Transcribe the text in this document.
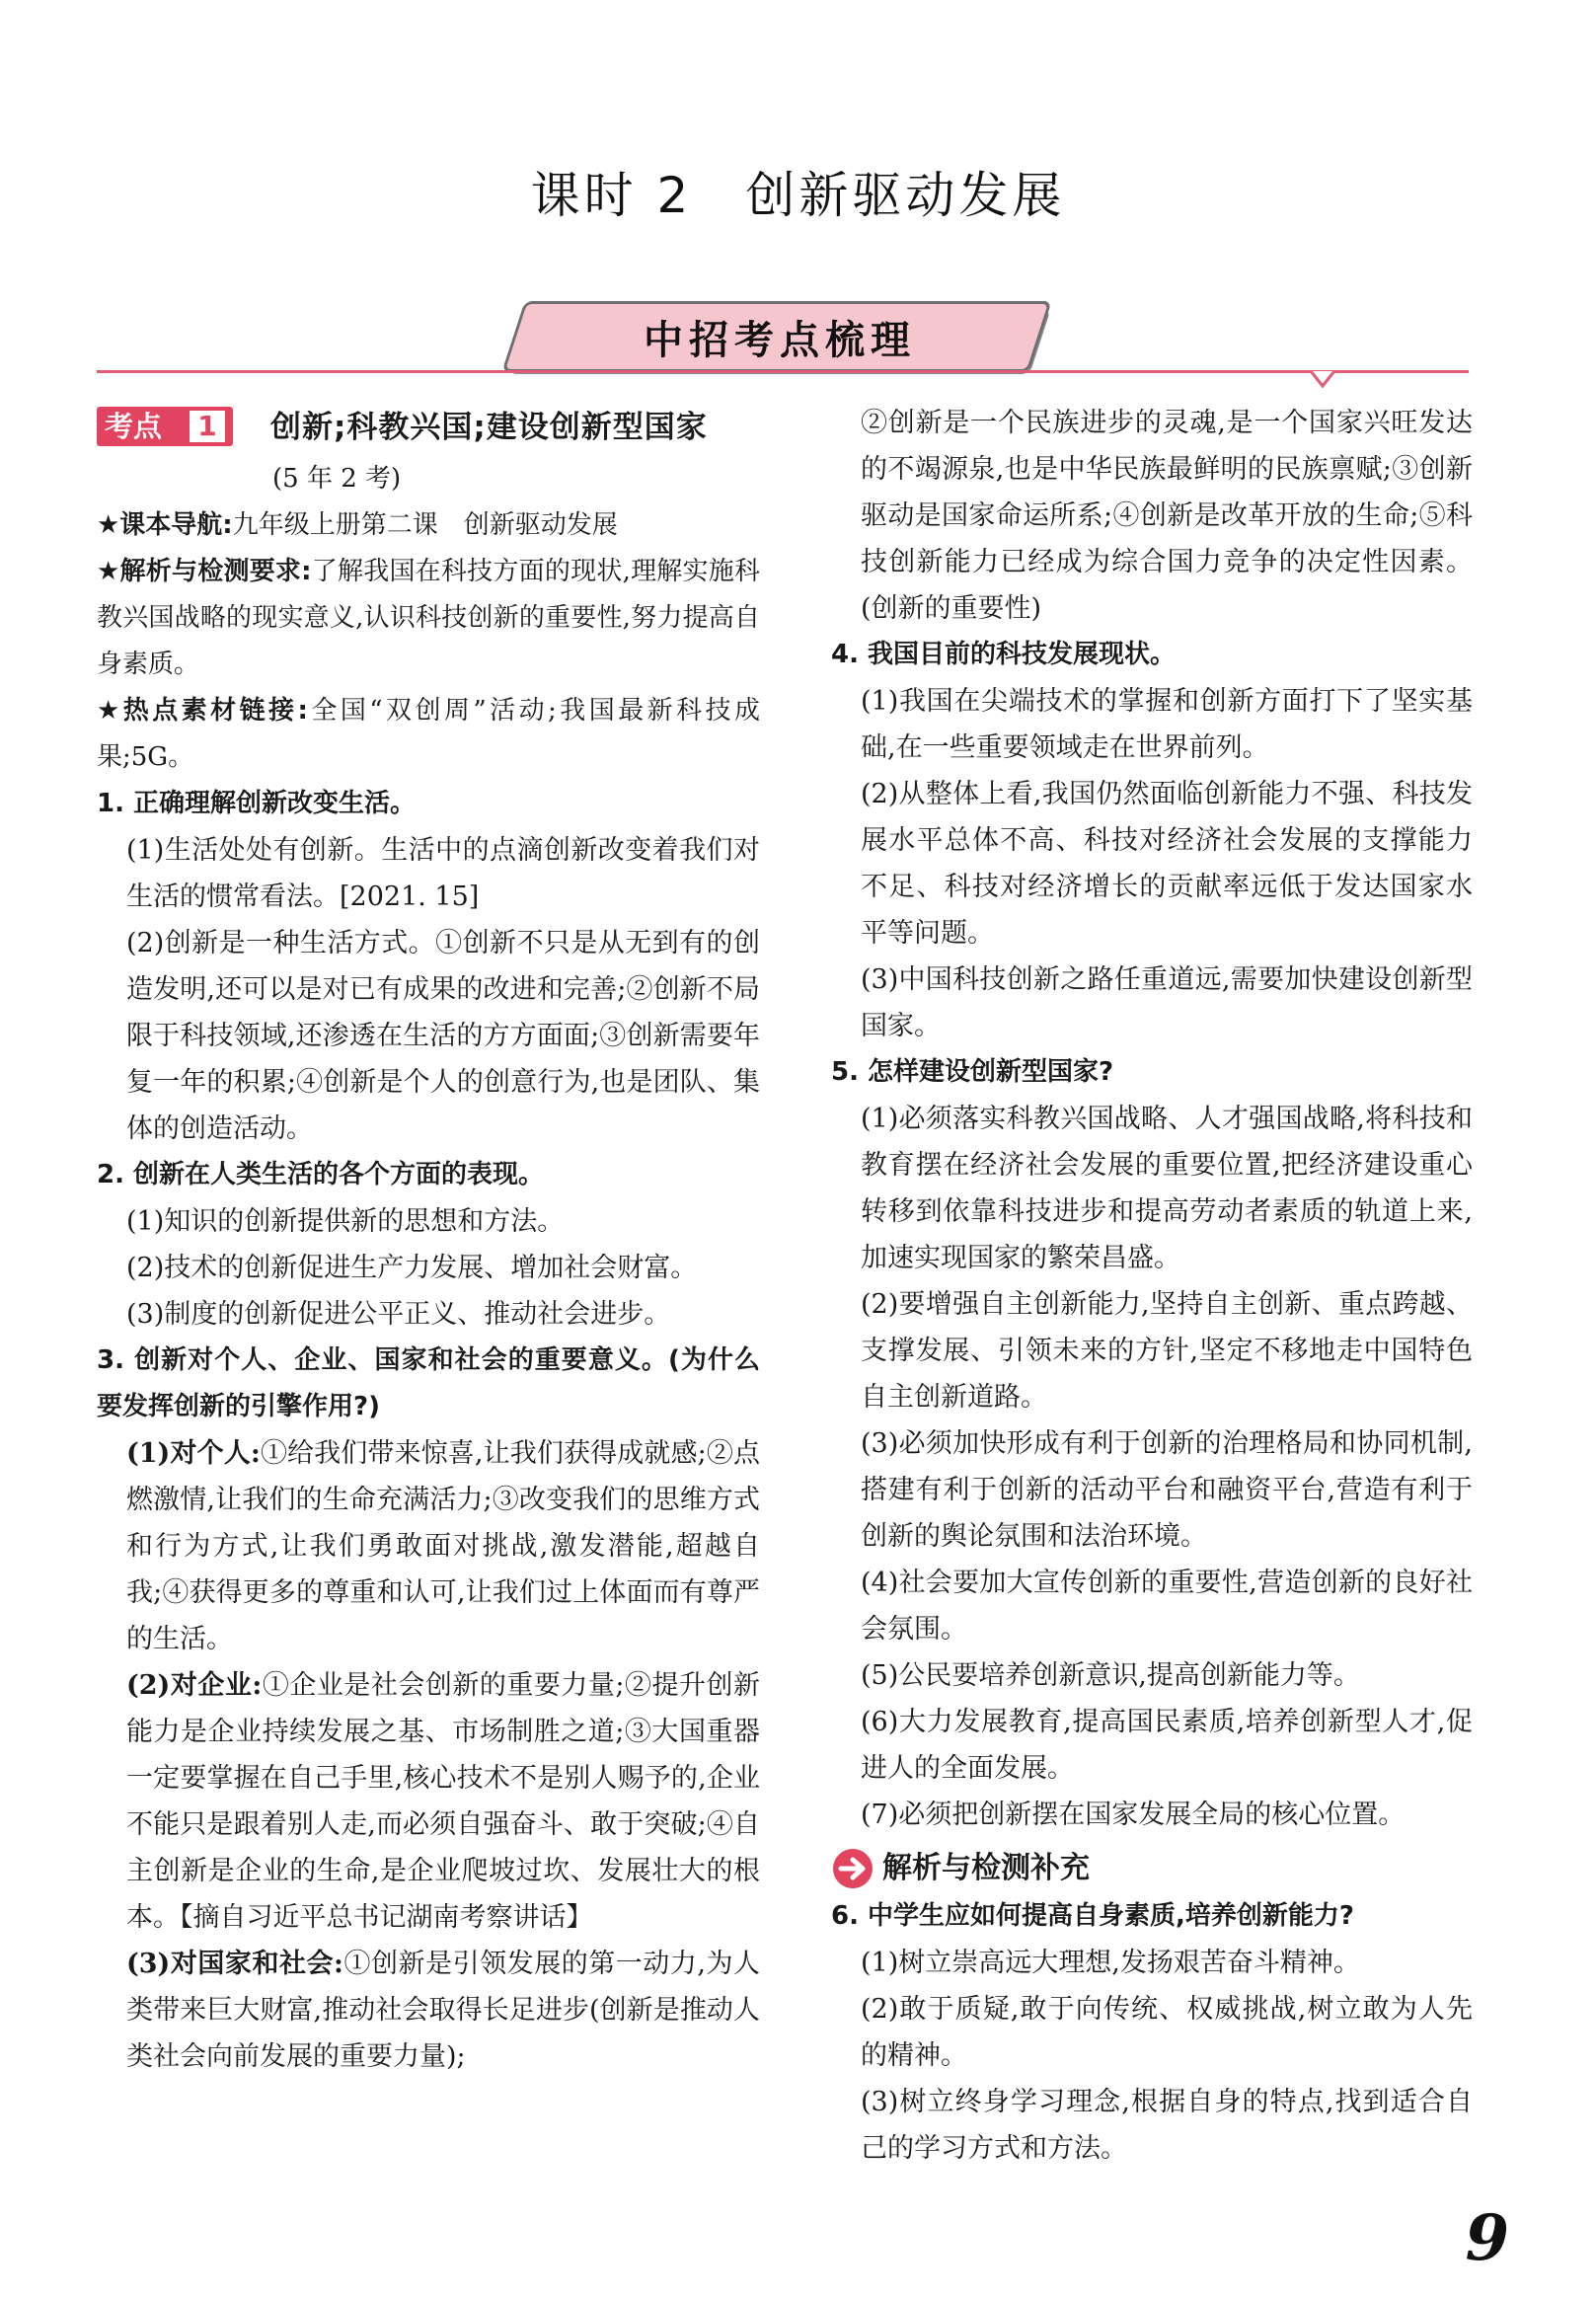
课时 2　创新驱动发展
中招考点梳理
考点 1 创新;科教兴国;建设创新型国家

(5 年 2 考)

★课本导航:九年级上册第二课　创新驱动发展

★解析与检测要求:了解我国在科技方面的现状,理解实施科教兴国战略的现实意义,认识科技创新的重要性,努力提高自身素质。

★热点素材链接:全国“双创周”活动;我国最新科技成果;5G。

1. 正确理解创新改变生活。

(1)生活处处有创新。生活中的点滴创新改变着我们对生活的惯常看法。[2021. 15]

(2)创新是一种生活方式。①创新不只是从无到有的创造发明,还可以是对已有成果的改进和完善;②创新不局限于科技领域,还渗透在生活的方方面面;③创新需要年复一年的积累;④创新是个人的创意行为,也是团队、集体的创造活动。

2. 创新在人类生活的各个方面的表现。

(1)知识的创新提供新的思想和方法。

(2)技术的创新促进生产力发展、增加社会财富。

(3)制度的创新促进公平正义、推动社会进步。

3. 创新对个人、企业、国家和社会的重要意义。(为什么要发挥创新的引擎作用?)

(1)对个人:①给我们带来惊喜,让我们获得成就感;②点燃激情,让我们的生命充满活力;③改变我们的思维方式和行为方式,让我们勇敢面对挑战,激发潜能,超越自我;④获得更多的尊重和认可,让我们过上体面而有尊严的生活。

(2)对企业:①企业是社会创新的重要力量;②提升创新能力是企业持续发展之基、市场制胜之道;③大国重器一定要掌握在自己手里,核心技术不是别人赐予的,企业不能只是跟着别人走,而必须自强奋斗、敢于突破;④自主创新是企业的生命,是企业爬坡过坎、发展壮大的根本。【摘自习近平总书记湖南考察讲话】

(3)对国家和社会:①创新是引领发展的第一动力,为人类带来巨大财富,推动社会取得长足进步(创新是推动人类社会向前发展的重要力量);

②创新是一个民族进步的灵魂,是一个国家兴旺发达的不竭源泉,也是中华民族最鲜明的民族禀赋;③创新驱动是国家命运所系;④创新是改革开放的生命;⑤科技创新能力已经成为综合国力竞争的决定性因素。(创新的重要性)

4. 我国目前的科技发展现状。

(1)我国在尖端技术的掌握和创新方面打下了坚实基础,在一些重要领域走在世界前列。

(2)从整体上看,我国仍然面临创新能力不强、科技发展水平总体不高、科技对经济社会发展的支撑能力不足、科技对经济增长的贡献率远低于发达国家水平等问题。

(3)中国科技创新之路任重道远,需要加快建设创新型国家。

5. 怎样建设创新型国家?

(1)必须落实科教兴国战略、人才强国战略,将科技和教育摆在经济社会发展的重要位置,把经济建设重心转移到依靠科技进步和提高劳动者素质的轨道上来,加速实现国家的繁荣昌盛。

(2)要增强自主创新能力,坚持自主创新、重点跨越、支撑发展、引领未来的方针,坚定不移地走中国特色自主创新道路。

(3)必须加快形成有利于创新的治理格局和协同机制,搭建有利于创新的活动平台和融资平台,营造有利于创新的舆论氛围和法治环境。

(4)社会要加大宣传创新的重要性,营造创新的良好社会氛围。

(5)公民要培养创新意识,提高创新能力等。

(6)大力发展教育,提高国民素质,培养创新型人才,促进人的全面发展。

(7)必须把创新摆在国家发展全局的核心位置。

解析与检测补充

6. 中学生应如何提高自身素质,培养创新能力?

(1)树立崇高远大理想,发扬艰苦奋斗精神。

(2)敢于质疑,敢于向传统、权威挑战,树立敢为人先的精神。

(3)树立终身学习理念,根据自身的特点,找到适合自己的学习方式和方法。

9
